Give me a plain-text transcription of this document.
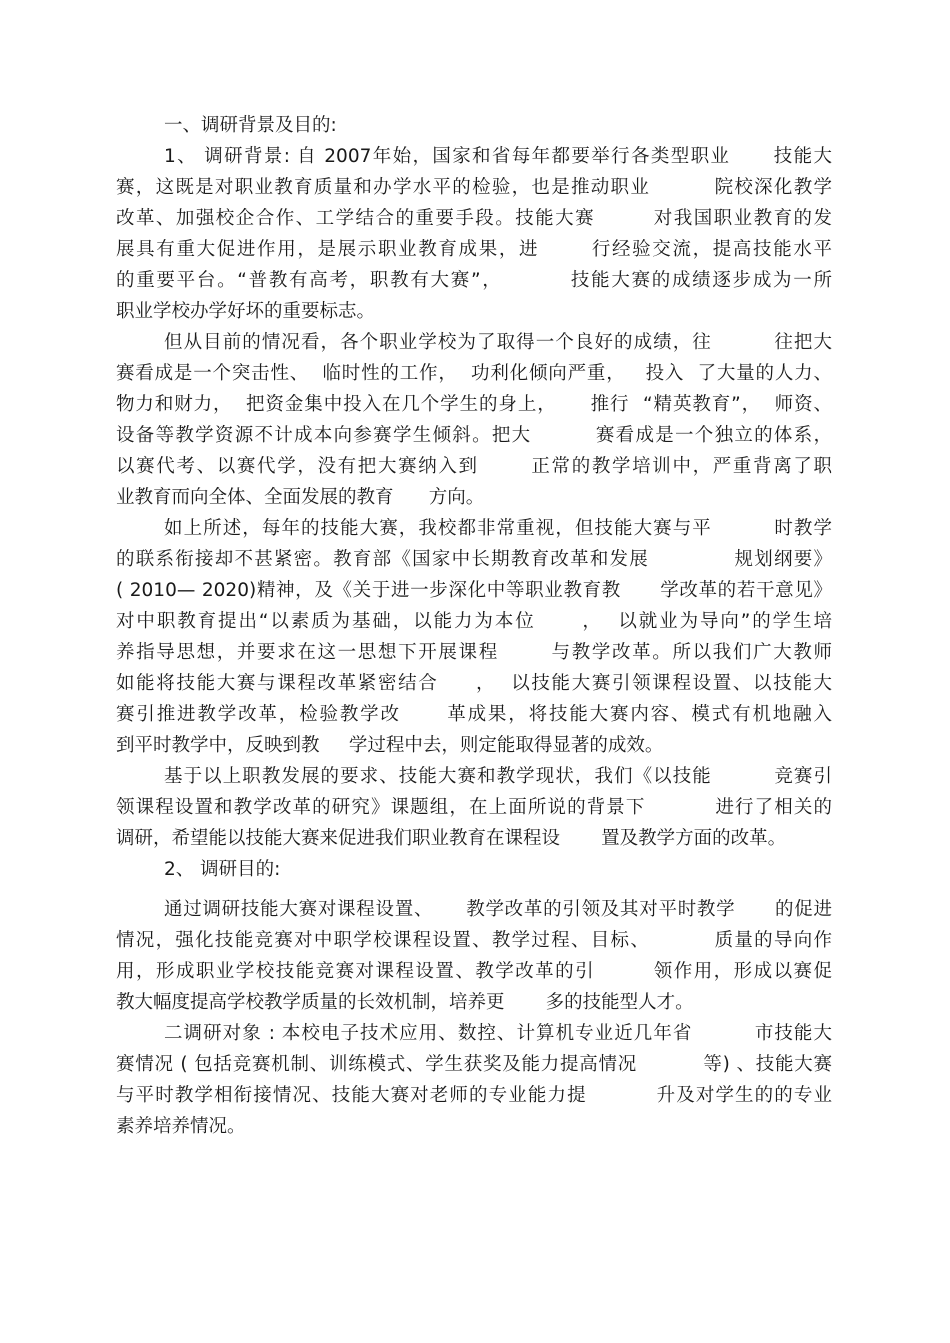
一、调研背景及目的:
1、 调研背景: 自 2007年始，国家和省每年都要举行各类型职业      技能大
赛，这既是对职业教育质量和办学水平的检验，也是推动职业         院校深化教学
改革、加强校企合作、工学结合的重要手段。技能大赛        对我国职业教育的发
展具有重大促进作用，是展示职业教育成果，进       行经验交流，提高技能水平
的重要平台。“普教有高考，职教有大赛”，         技能大赛的成绩逐步成为一所
职业学校办学好坏的重要标志。
但从目前的情况看，各个职业学校为了取得一个良好的成绩，往         往把大
赛看成是一个突击性、  临时性的工作，  功利化倾向严重，   投入  了大量的人力、
物力和财力，  把资金集中投入在几个学生的身上，     推行  “精英教育”，  师资、
设备等教学资源不计成本向参赛学生倾斜。把大         赛看成是一个独立的体系，
以赛代考、以赛代学，没有把大赛纳入到       正常的教学培训中，严重背离了职
业教育而向全体、全面发展的教育      方向。
如上所述，每年的技能大赛，我校都非常重视，但技能大赛与平         时教学
的联系衔接却不甚紧密。教育部《国家中长期教育改革和发展            规划纲要》
( 2010— 2020)精神，及《关于进一步深化中等职业教育教      学改革的若干意见》
对中职教育提出“以素质为基础，以能力为本位      ，  以就业为导向”的学生培
养指导思想，并要求在这一思想下开展课程       与教学改革。所以我们广大教师
如能将技能大赛与课程改革紧密结合     ，  以技能大赛引领课程设置、以技能大
赛引推进教学改革，检验教学改      革成果，将技能大赛内容、模式有机地融入
到平时教学中，反映到教     学过程中去，则定能取得显著的成效。
基于以上职教发展的要求、技能大赛和教学现状，我们《以技能         竞赛引
领课程设置和教学改革的研究》课题组，在上面所说的背景下          进行了相关的
调研，希望能以技能大赛来促进我们职业教育在课程设       置及教学方面的改革。
2、 调研目的:
通过调研技能大赛对课程设置、     教学改革的引领及其对平时教学      的促进
情况，强化技能竞赛对中职学校课程设置、教学过程、目标、         质量的导向作
用，形成职业学校技能竞赛对课程设置、教学改革的引        领作用，形成以赛促
教大幅度提高学校教学质量的长效机制，培养更       多的技能型人才。
二调研对象 : 本校电子技术应用、数控、计算机专业近几年省         市技能大
赛情况 ( 包括竞赛机制、训练模式、学生获奖及能力提高情况          等) 、技能大赛
与平时教学相衔接情况、技能大赛对老师的专业能力提          升及对学生的的专业
素养培养情况。
